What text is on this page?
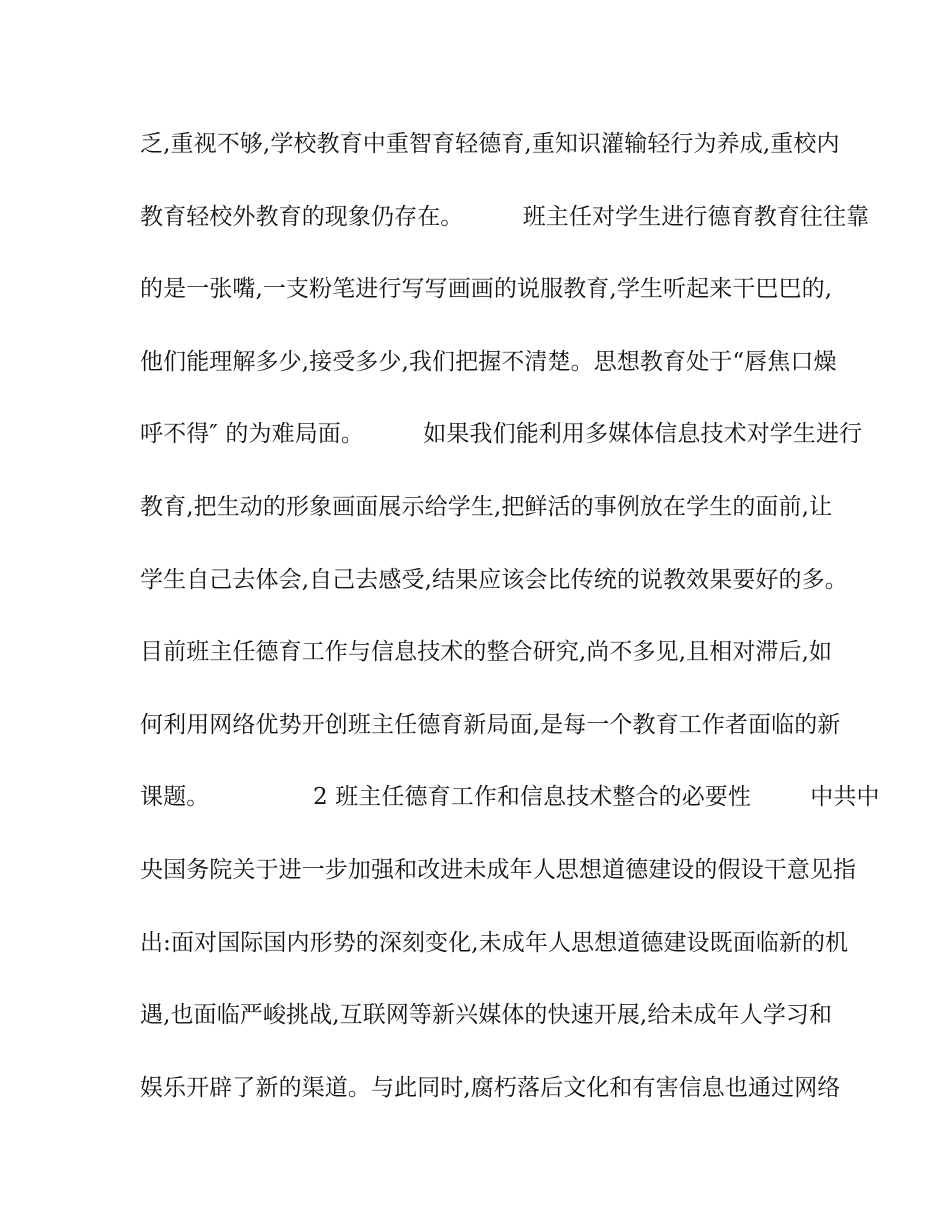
乏,重视不够,学校教育中重智育轻德育,重知识灌输轻行为养成,重校内
教育轻校外教育的现象仍存在。        班主任对学生进行德育教育往往靠
的是一张嘴,一支粉笔进行写写画画的说服教育,学生听起来干巴巴的,
他们能理解多少,接受多少,我们把握不清楚。思想教育处于“唇焦口燥
呼不得″ 的为难局面。        如果我们能利用多媒体信息技术对学生进行
教育,把生动的形象画面展示给学生,把鲜活的事例放在学生的面前,让
学生自己去体会,自己去感受,结果应该会比传统的说教效果要好的多。
目前班主任德育工作与信息技术的整合研究,尚不多见,且相对滞后,如
何利用网络优势开创班主任德育新局面,是每一个教育工作者面临的新
课题。              2 班主任德育工作和信息技术整合的必要性        中共中
央国务院关于进一步加强和改进未成年人思想道德建设的假设干意见指
出:面对国际国内形势的深刻变化,未成年人思想道德建设既面临新的机
遇,也面临严峻挑战,互联网等新兴媒体的快速开展,给未成年人学习和
娱乐开辟了新的渠道。与此同时,腐朽落后文化和有害信息也通过网络
